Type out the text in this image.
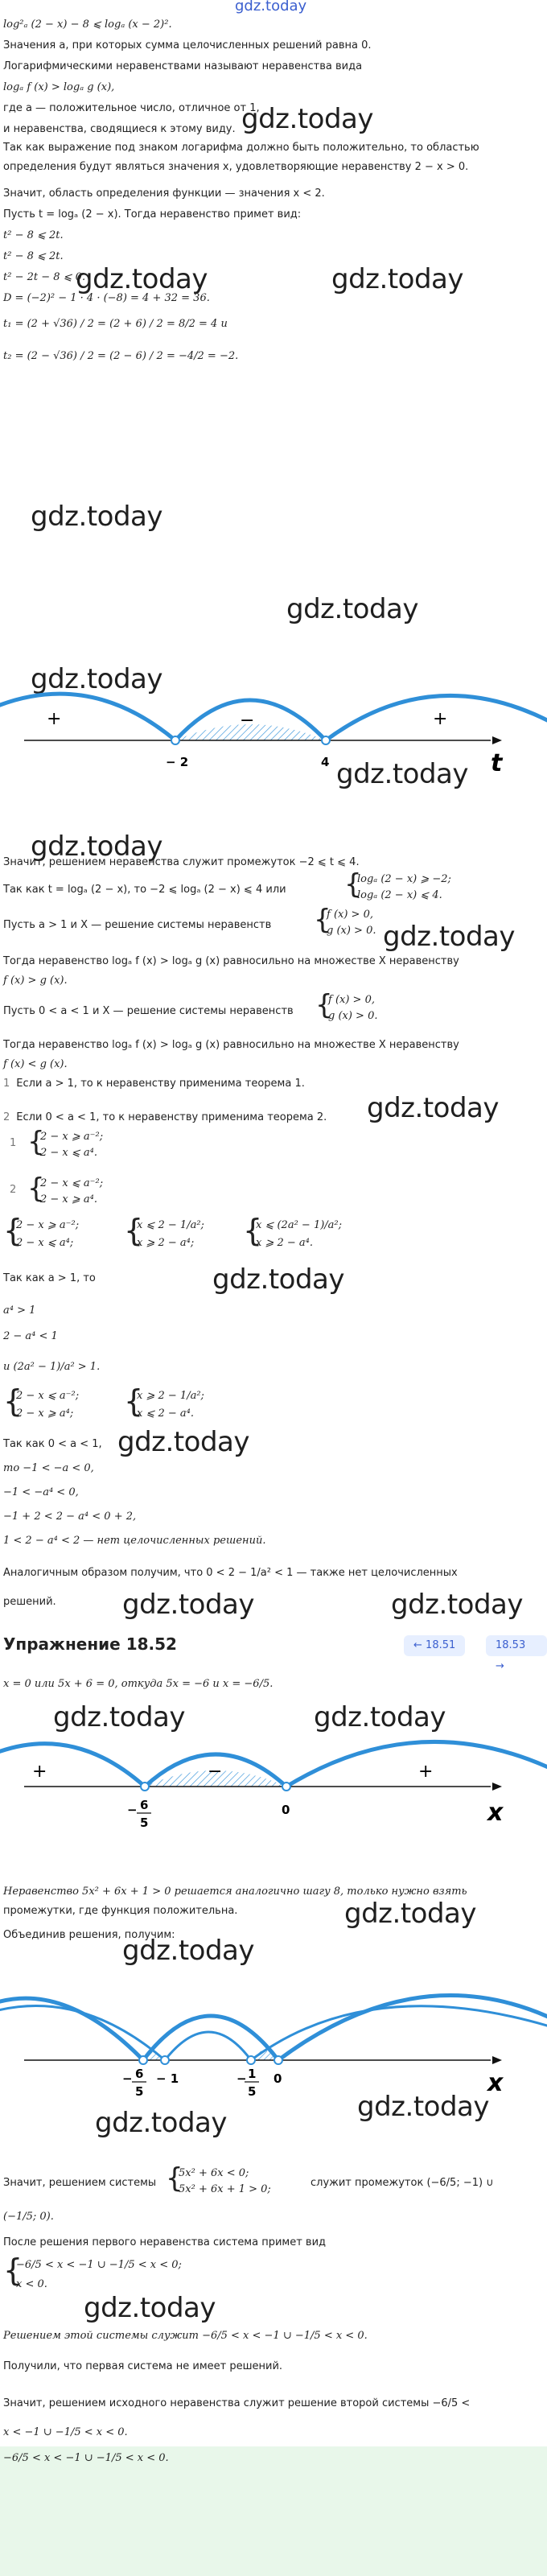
gdz.today
log²ₐ (2 − x) − 8 ⩽ logₐ (x − 2)².
Значения a, при которых сумма целочисленных решений равна 0.
Логарифмическими неравенствами называют неравенства вида
logₐ f (x) > logₐ g (x),
где a — положительное число, отличное от 1,
и неравенства, сводящиеся к этому виду.
Так как выражение под знаком логарифма должно быть положительно, то областью
определения будут являться значения x, удовлетворяющие неравенству 2 − x > 0.
Значит, область определения функции — значения x < 2.
Пусть t = logₐ (2 − x). Тогда неравенство примет вид:
t² − 8 ⩽ 2t.
t² − 8 ⩽ 2t.
t² − 2t − 8 ⩽ 0.
D = (−2)² − 1 · 4 · (−8) = 4 + 32 = 36.
t₁ = (2 + √36) / 2 = (2 + 6) / 2 = 8/2 = 4 и
t₂ = (2 − √36) / 2 = (2 − 6) / 2 = −4/2 = −2.
gdz.today
gdz.today	gdz.today
gdz.today
gdz.today
gdz.today
+	−	+
− 2	4	t
gdz.today
gdz.today
Значит, решением неравенства служит промежуток −2 ⩽ t ⩽ 4.
Так как t = logₐ (2 − x), то −2 ⩽ logₐ (2 − x) ⩽ 4 или {
logₐ (2 − x) ⩾ −2;
logₐ (2 − x) ⩽ 4.
Пусть a > 1 и X — решение системы неравенств {
f (x) > 0,
g (x) > 0. gdz.today
Тогда неравенство logₐ f (x) > logₐ g (x) равносильно на множестве X неравенству
f (x) > g (x).
Пусть 0 < a < 1 и X — решение системы неравенств {
f (x) > 0,
g (x) > 0.
Тогда неравенство logₐ f (x) > logₐ g (x) равносильно на множестве X неравенству
f (x) < g (x).
1 Если a > 1, то к неравенству применима теорема 1.
2 Если 0 < a < 1, то к неравенству применима теорема 2. gdz.today
1 {
2 − x ⩾ a⁻²;
2 − x ⩽ a⁴.
2 {
2 − x ⩽ a⁻²;
2 − x ⩾ a⁴.
{
2 − x ⩾ a⁻²;
2 − x ⩽ a⁴; {
x ⩽ 2 − 1/a²;
x ⩾ 2 − a⁴; {
x ⩽ (2a² − 1)/a²;
x ⩾ 2 − a⁴.
gdz.today
Так как a > 1, то
a⁴ > 1
2 − a⁴ < 1
и (2a² − 1)/a² > 1.
{
2 − x ⩽ a⁻²;
2 − x ⩾ a⁴; {
x ⩾ 2 − 1/a²;
x ⩽ 2 − a⁴.
Так как 0 < a < 1, gdz.today
то −1 < −a < 0,
−1 < −a⁴ < 0,
−1 + 2 < 2 − a⁴ < 0 + 2,
1 < 2 − a⁴ < 2 — нет целочисленных решений.
Аналогичным образом получим, что 0 < 2 − 1/a² < 1 — также нет целочисленных
решений. gdz.today	gdz.today
Упражнение 18.52	← 18.51	18.53 →
x = 0 или 5x + 6 = 0, откуда 5x = −6 и x = −6/5.
gdz.today	gdz.today
+	−	+
− 6
5
0	x
Неравенство 5x² + 6x + 1 > 0 решается аналогично шагу 8, только нужно взять
промежутки, где функция положительна.	gdz.today
Объединив решения, получим:
gdz.today
− 6
5
− 1	− 1
5
0	x
gdz.today	gdz.today
Значит, решением системы {
5x² + 6x < 0;
5x² + 6x + 1 > 0;
служит промежуток (−6/5; −1) ∪
(−1/5; 0).
После решения первого неравенства система примет вид
{
−6/5 < x < −1 ∪ −1/5 < x < 0;
x < 0.
gdz.today
Решением этой системы служит −6/5 < x < −1 ∪ −1/5 < x < 0.
Получили, что первая система не имеет решений.
Значит, решением исходного неравенства служит решение второй системы −6/5 <
x < −1 ∪ −1/5 < x < 0.
−6/5 < x < −1 ∪ −1/5 < x < 0.
